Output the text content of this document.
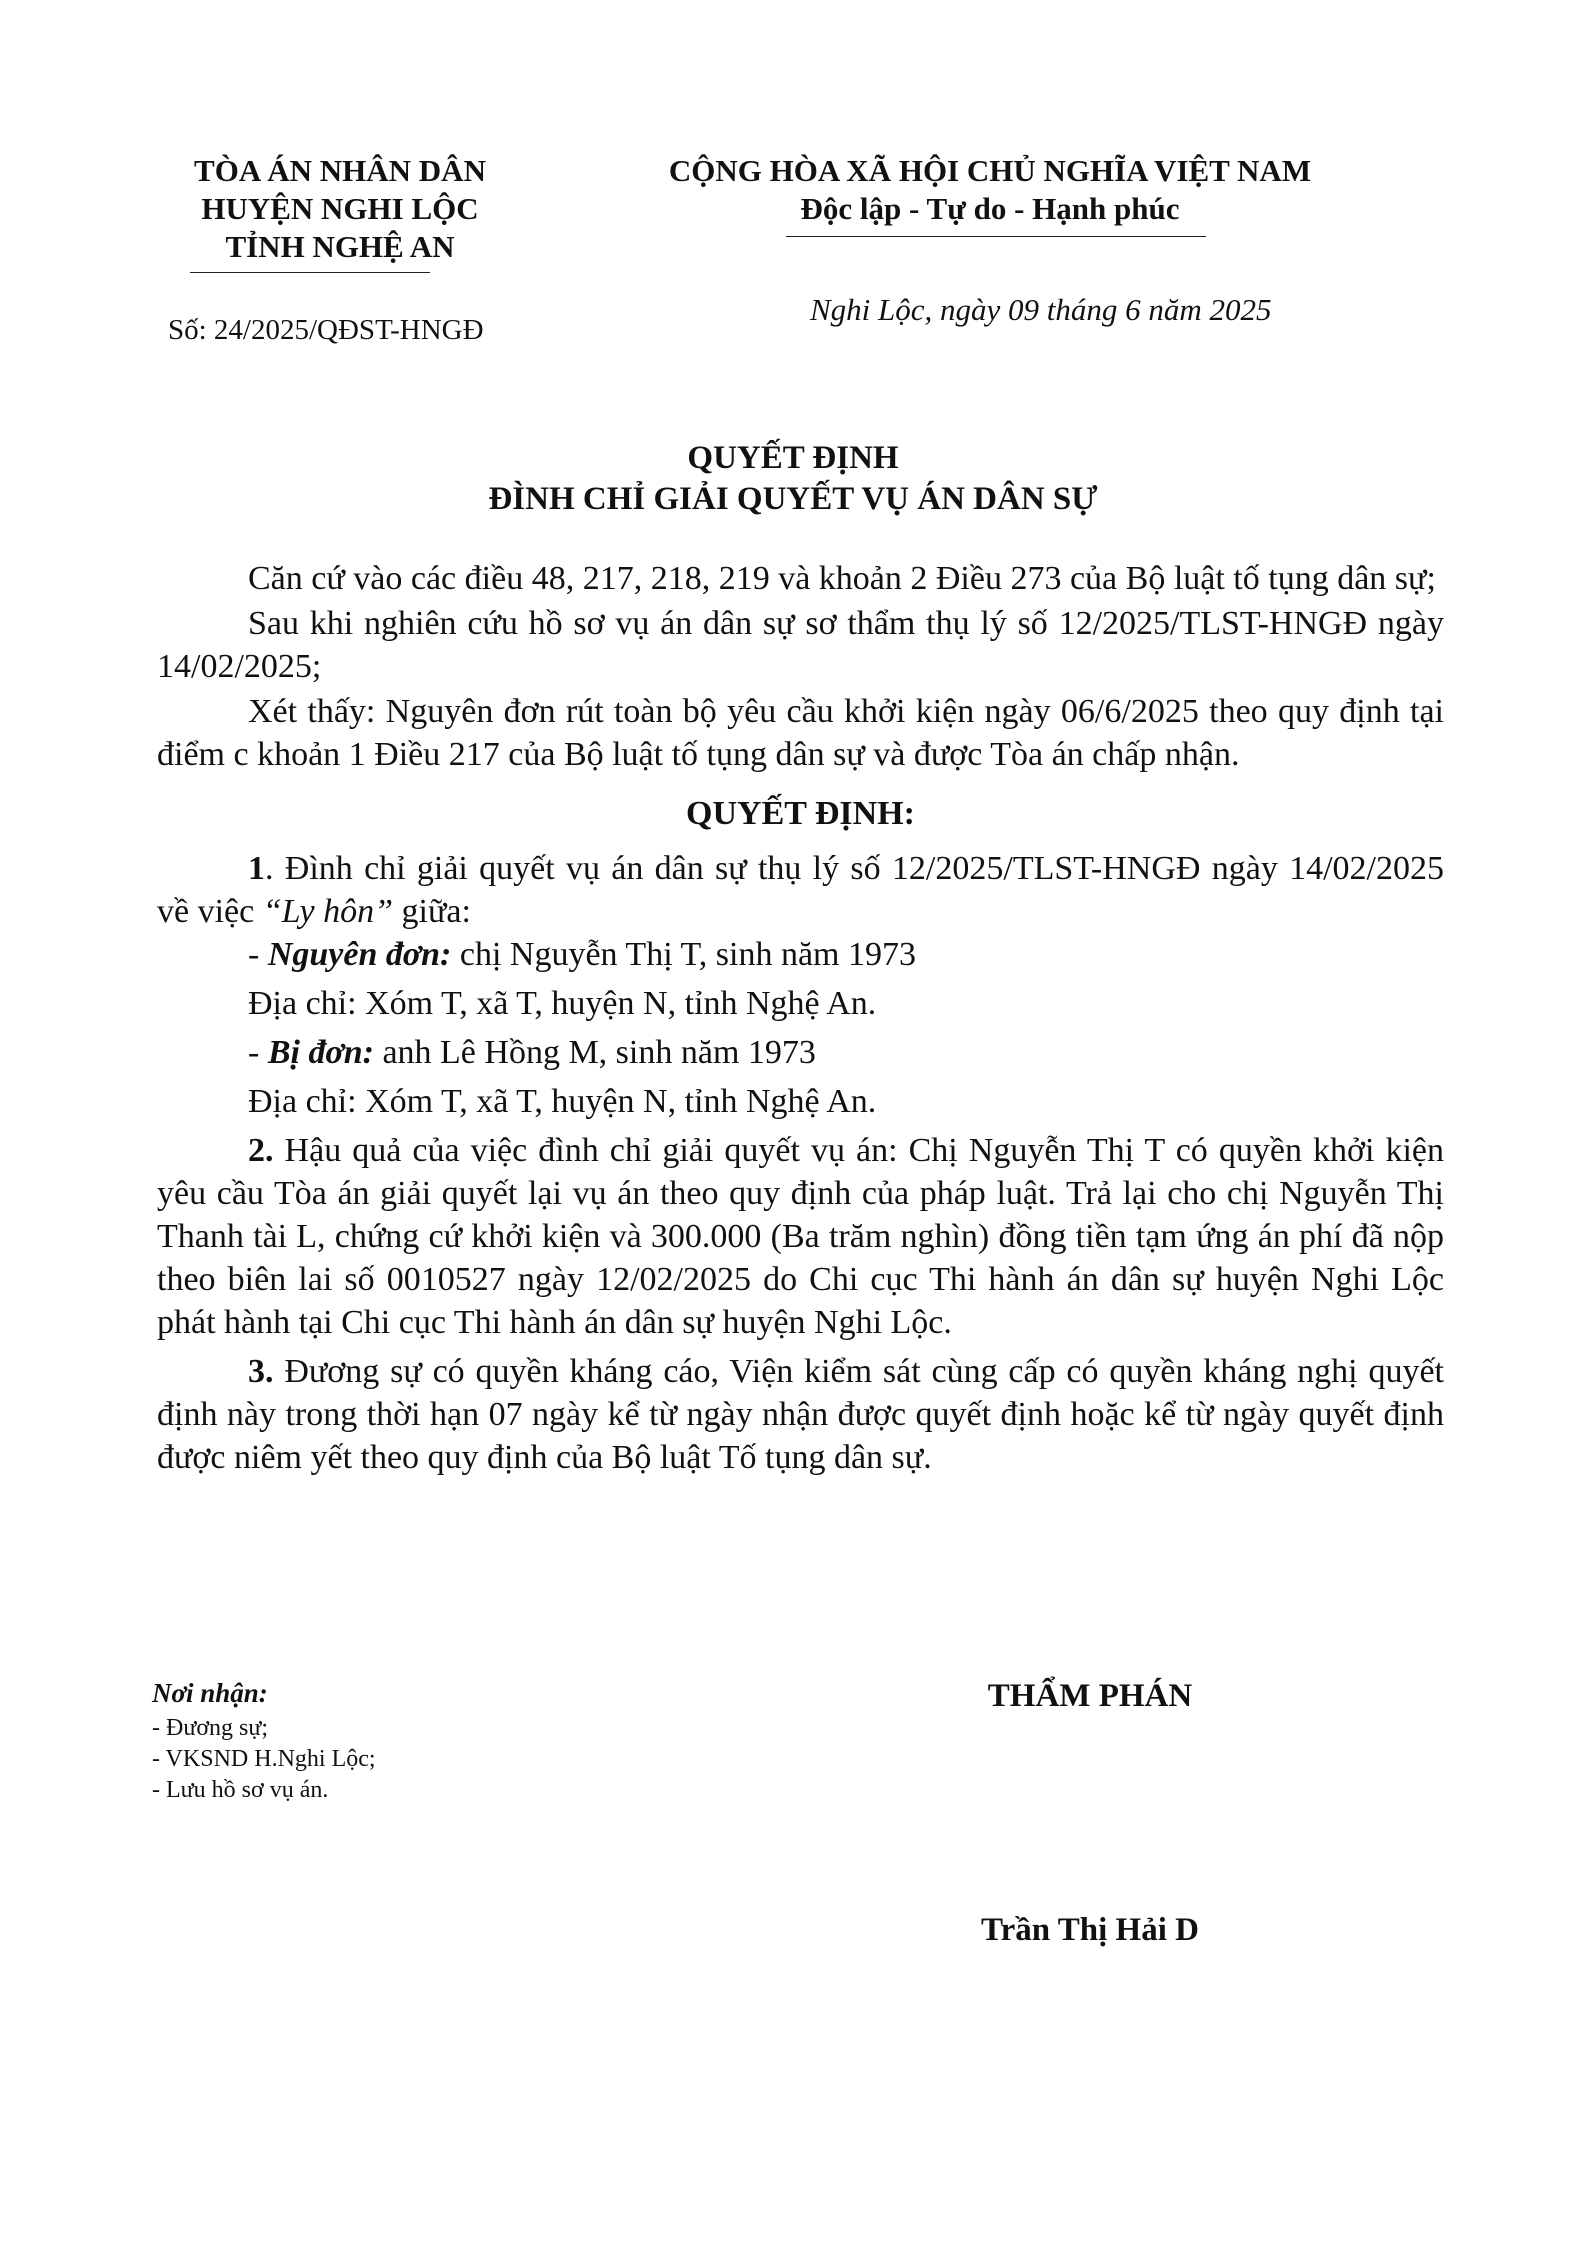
TÒA ÁN NHÂN DÂN
HUYỆN NGHI LỘC
TỈNH NGHỆ AN
Số: 24/2025/QĐST-HNGĐ
CỘNG HÒA XÃ HỘI CHỦ NGHĨA VIỆT NAM
Độc lập - Tự do - Hạnh phúc
Nghi Lộc, ngày 09 tháng 6 năm 2025
QUYẾT ĐỊNH
ĐÌNH CHỈ GIẢI QUYẾT VỤ ÁN DÂN SỰ

Căn cứ vào các điều 48, 217, 218, 219 và khoản 2 Điều 273 của Bộ luật tố tụng dân sự;

Sau khi nghiên cứu hồ sơ vụ án dân sự sơ thẩm thụ lý số 12/2025/TLST-HNGĐ ngày 14/02/2025;

Xét thấy: Nguyên đơn rút toàn bộ yêu cầu khởi kiện ngày 06/6/2025 theo quy định tại điểm c khoản 1 Điều 217 của Bộ luật tố tụng dân sự và được Tòa án chấp nhận.

QUYẾT ĐỊNH:

1. Đình chỉ giải quyết vụ án dân sự thụ lý số 12/2025/TLST-HNGĐ ngày 14/02/2025 về việc “Ly hôn” giữa:

- Nguyên đơn: chị Nguyễn Thị T, sinh năm 1973

Địa chỉ: Xóm T, xã T, huyện N, tỉnh Nghệ An.

- Bị đơn: anh Lê Hồng M, sinh năm 1973

Địa chỉ: Xóm T, xã T, huyện N, tỉnh Nghệ An.

2. Hậu quả của việc đình chỉ giải quyết vụ án: Chị Nguyễn Thị T có quyền khởi kiện yêu cầu Tòa án giải quyết lại vụ án theo quy định của pháp luật. Trả lại cho chị Nguyễn Thị Thanh tài L, chứng cứ khởi kiện và 300.000 (Ba trăm nghìn) đồng tiền tạm ứng án phí đã nộp theo biên lai số 0010527 ngày 12/02/2025 do Chi cục Thi hành án dân sự huyện Nghi Lộc phát hành tại Chi cục Thi hành án dân sự huyện Nghi Lộc.

3. Đương sự có quyền kháng cáo, Viện kiểm sát cùng cấp có quyền kháng nghị quyết định này trong thời hạn 07 ngày kể từ ngày nhận được quyết định hoặc kể từ ngày quyết định được niêm yết theo quy định của Bộ luật Tố tụng dân sự.

Nơi nhận:
- Đương sự;
- VKSND H.Nghi Lộc;
- Lưu hồ sơ vụ án.
THẨM PHÁN
Trần Thị Hải D
